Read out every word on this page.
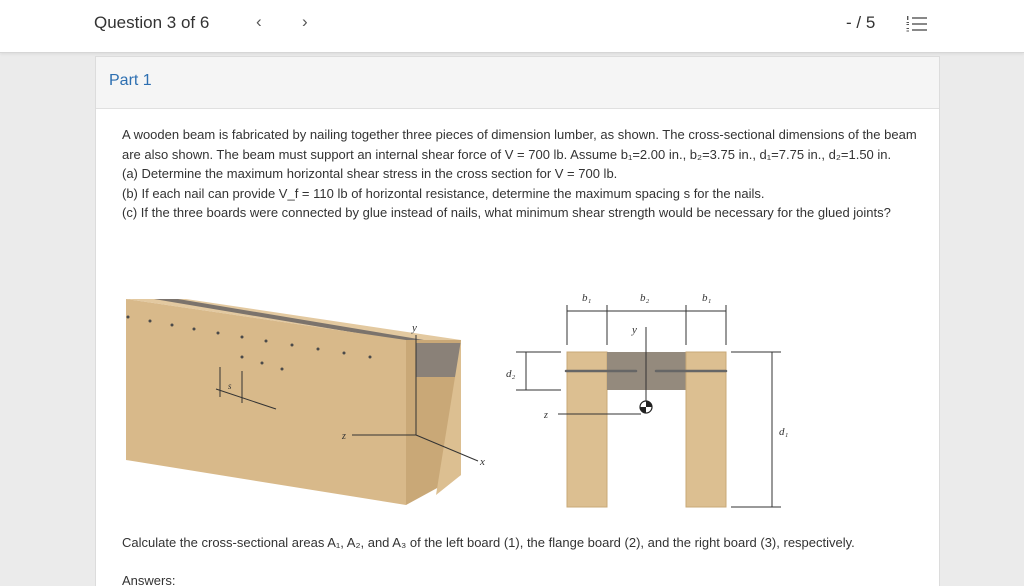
Question 3 of 6	‹ ›	- / 5
Part 1

A wooden beam is fabricated by nailing together three pieces of dimension lumber, as shown. The cross-sectional dimensions of the beam are also shown. The beam must support an internal shear force of V = 700 lb. Assume b₁=2.00 in., b₂=3.75 in., d₁=7.75 in., d₂=1.50 in.

(a) Determine the maximum horizontal shear stress in the cross section for V = 700 lb.

(b) If each nail can provide V_f = 110 lb of horizontal resistance, determine the maximum spacing s for the nails.

(c) If the three boards were connected by glue instead of nails, what minimum shear strength would be necessary for the glued joints?

y
s
z
x
b₁	b₂	b₁
y
d₂
z
d₁
Calculate the cross-sectional areas A₁, A₂, and A₃ of the left board (1), the flange board (2), and the right board (3), respectively.
Answers:
